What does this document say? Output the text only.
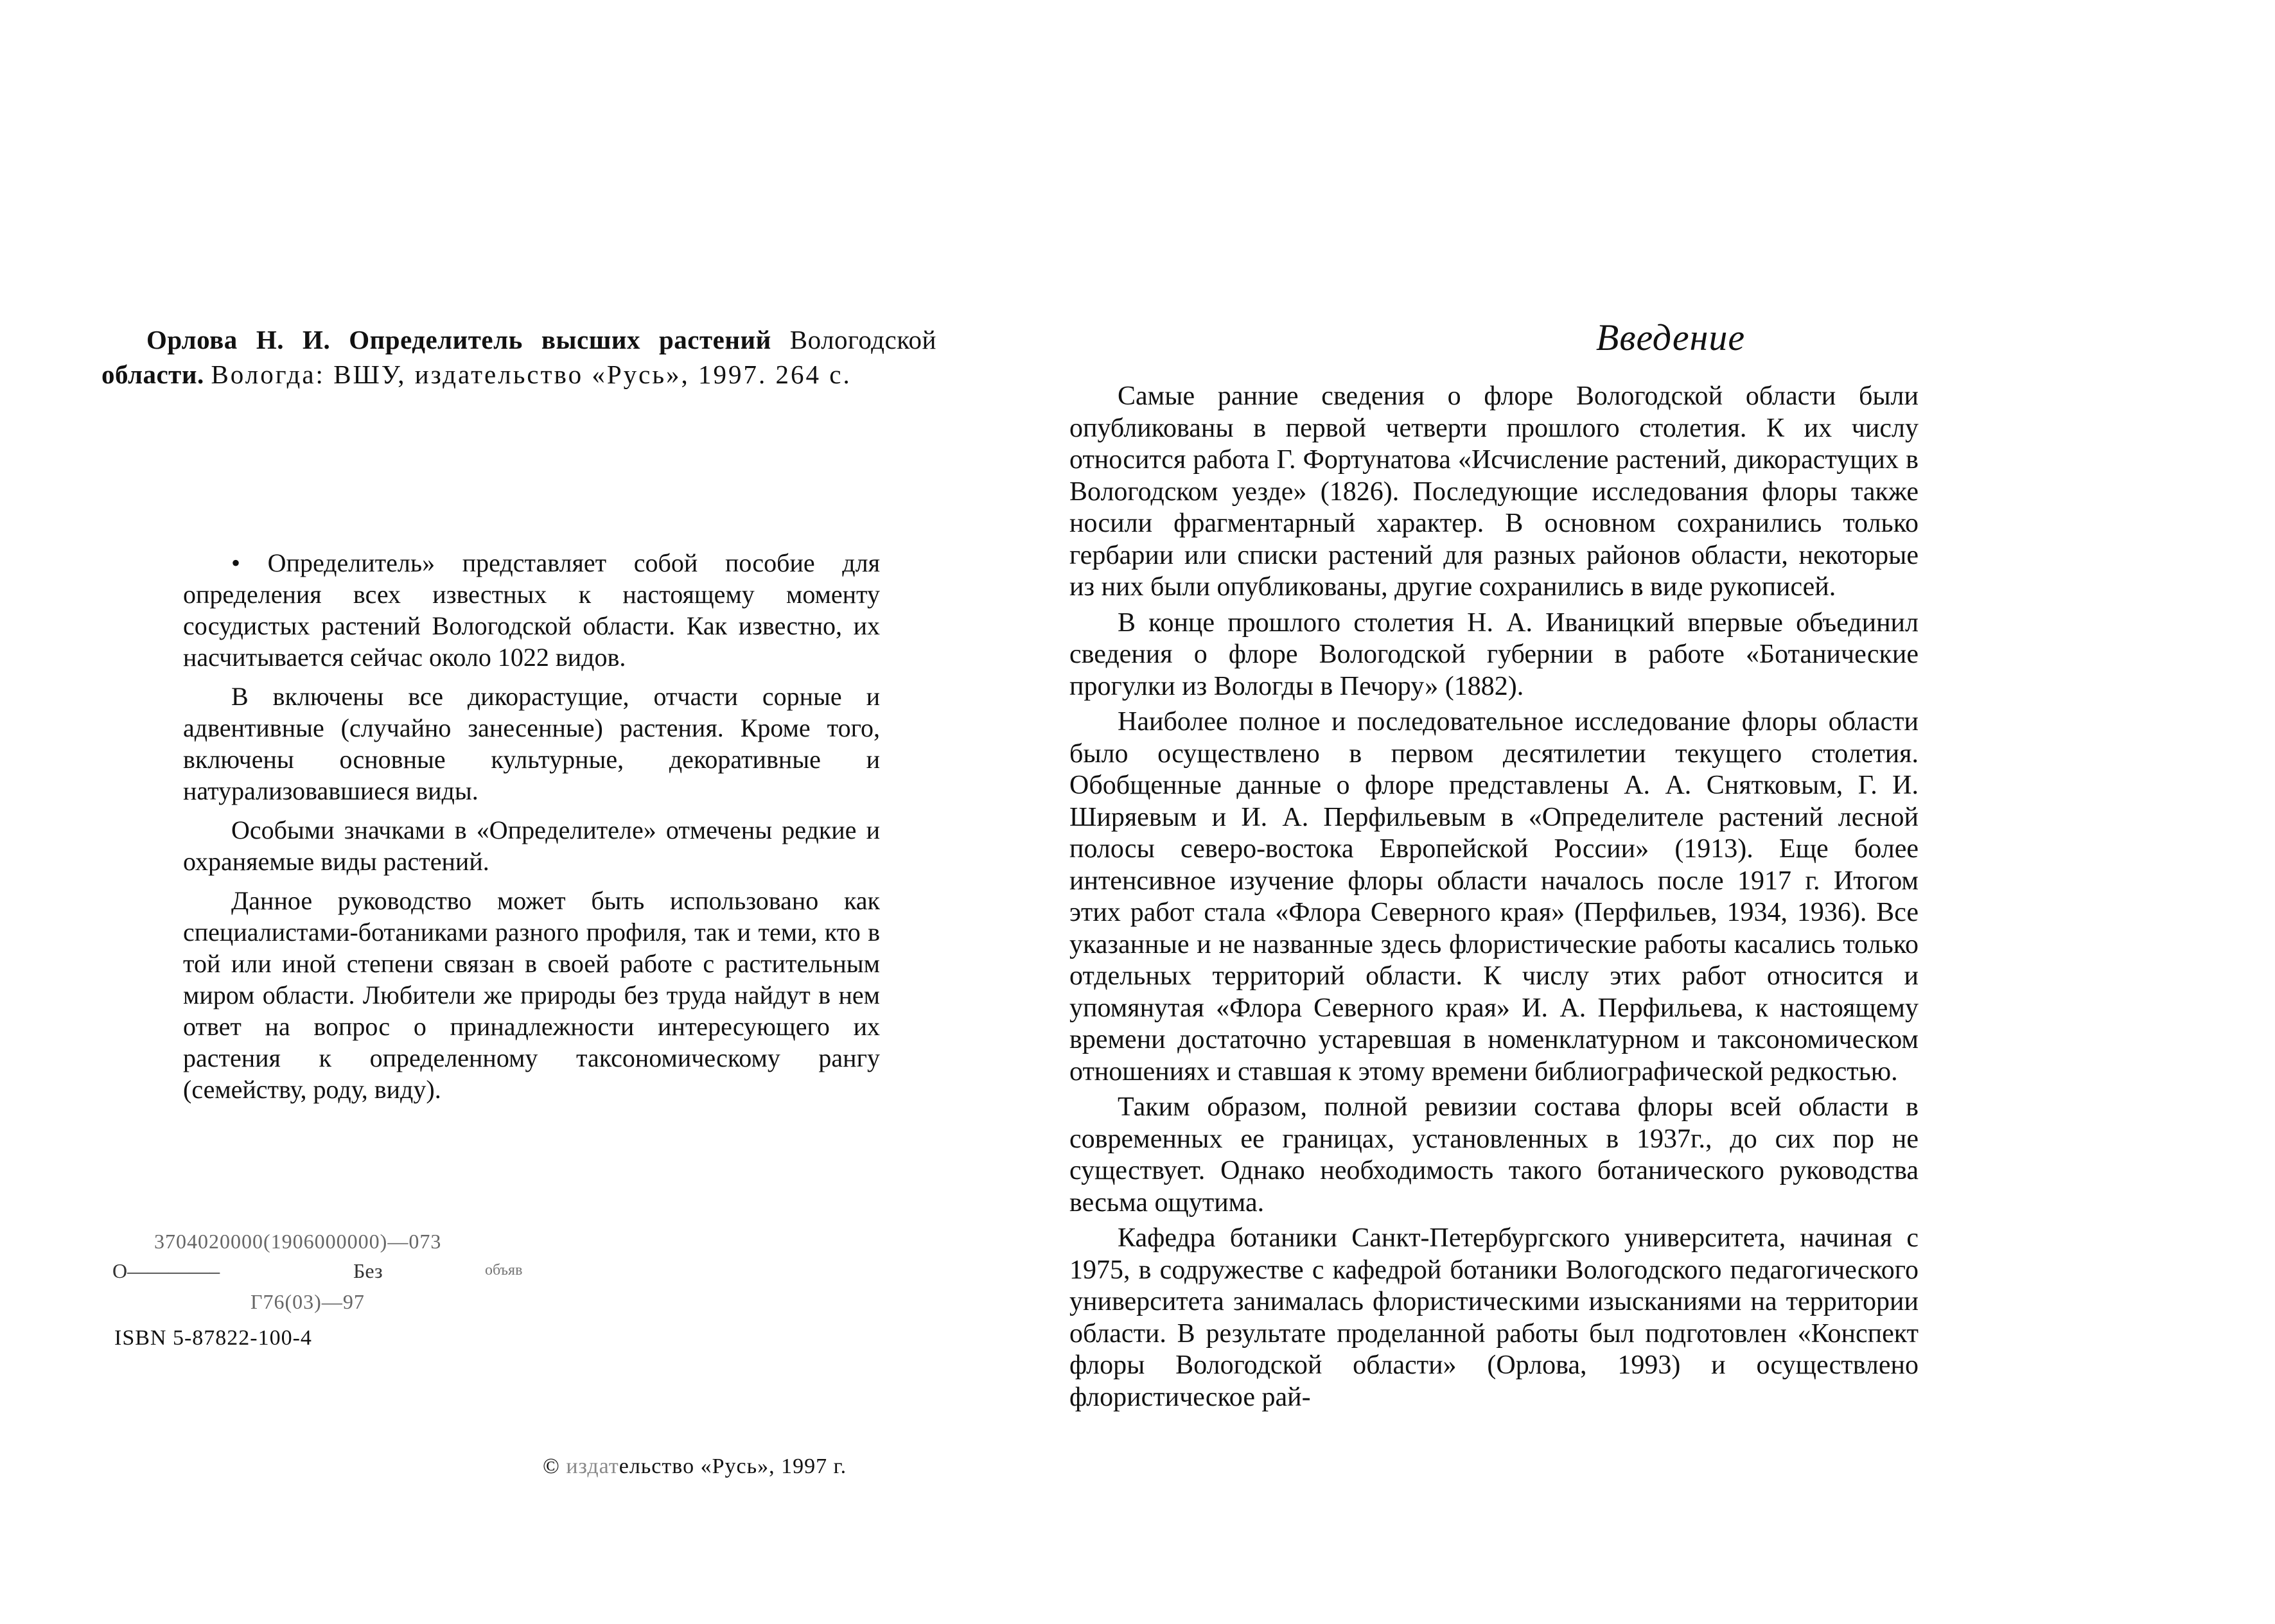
Орлова Н. И. Определитель высших растений Вологодской
области. Вологда: ВШУ, издательство «Русь», 1997. 264 с.

• Определитель» представляет собой пособие для определения всех известных к настоящему моменту сосудистых растений Вологодской области. Как известно, их насчитывается сейчас около 1022 видов.

В включены все дикорастущие, отчасти сорные и адвентивные (случайно занесенные) растения. Кроме того, включены основные культурные, декоративные и натурализовавшиеся виды.

Особыми значками в «Определителе» отмечены редкие и охраняемые виды растений.

Данное руководство может быть использовано как специалистами-ботаниками разного профиля, так и теми, кто в той или иной степени связан в своей работе с растительным миром области. Любители же природы без труда найдут в нем ответ на вопрос о принадлежности интересующего их растения к определенному таксономическому рангу (семейству, роду, виду).

3704020000(1906000000)—073
О————–	Без	объяв
Г76(03)—97
ISBN 5-87822-100-4
© издательство «Русь», 1997 г.
Введение

Самые ранние сведения о флоре Вологодской области были опубликованы в первой четверти прошлого столетия. К их числу относится работа Г. Фортунатова «Исчисление растений, дикорастущих в Вологодском уезде» (1826). Последующие исследования флоры также носили фрагментарный характер. В основном сохранились только гербарии или списки растений для разных районов области, некоторые из них были опубликованы, другие сохранились в виде рукописей.

В конце прошлого столетия Н. А. Иваницкий впервые объединил сведения о флоре Вологодской губернии в работе «Ботанические прогулки из Вологды в Печору» (1882).

Наиболее полное и последовательное исследование флоры области было осуществлено в первом десятилетии текущего столетия. Обобщенные данные о флоре представлены А. А. Снятковым, Г. И. Ширяевым и И. А. Перфильевым в «Определителе растений лесной полосы северо-востока Европейской России» (1913). Еще более интенсивное изучение флоры области началось после 1917 г. Итогом этих работ стала «Флора Северного края» (Перфильев, 1934, 1936). Все указанные и не названные здесь флористические работы касались только отдельных территорий области. К числу этих работ относится и упомянутая «Флора Северного края» И. А. Перфильева, к настоящему времени достаточно устаревшая в номенклатурном и таксономическом отношениях и ставшая к этому времени библиографической редкостью.

Таким образом, полной ревизии состава флоры всей области в современных ее границах, установленных в 1937г., до сих пор не существует. Однако необходимость такого ботанического руководства весьма ощутима.

Кафедра ботаники Санкт-Петербургского университета, начиная с 1975, в содружестве с кафедрой ботаники Вологодского педагогического университета занималась флористическими изысканиями на территории области. В результате проделанной работы был подготовлен «Конспект флоры Вологодской области» (Орлова, 1993) и осуществлено флористическое рай-
